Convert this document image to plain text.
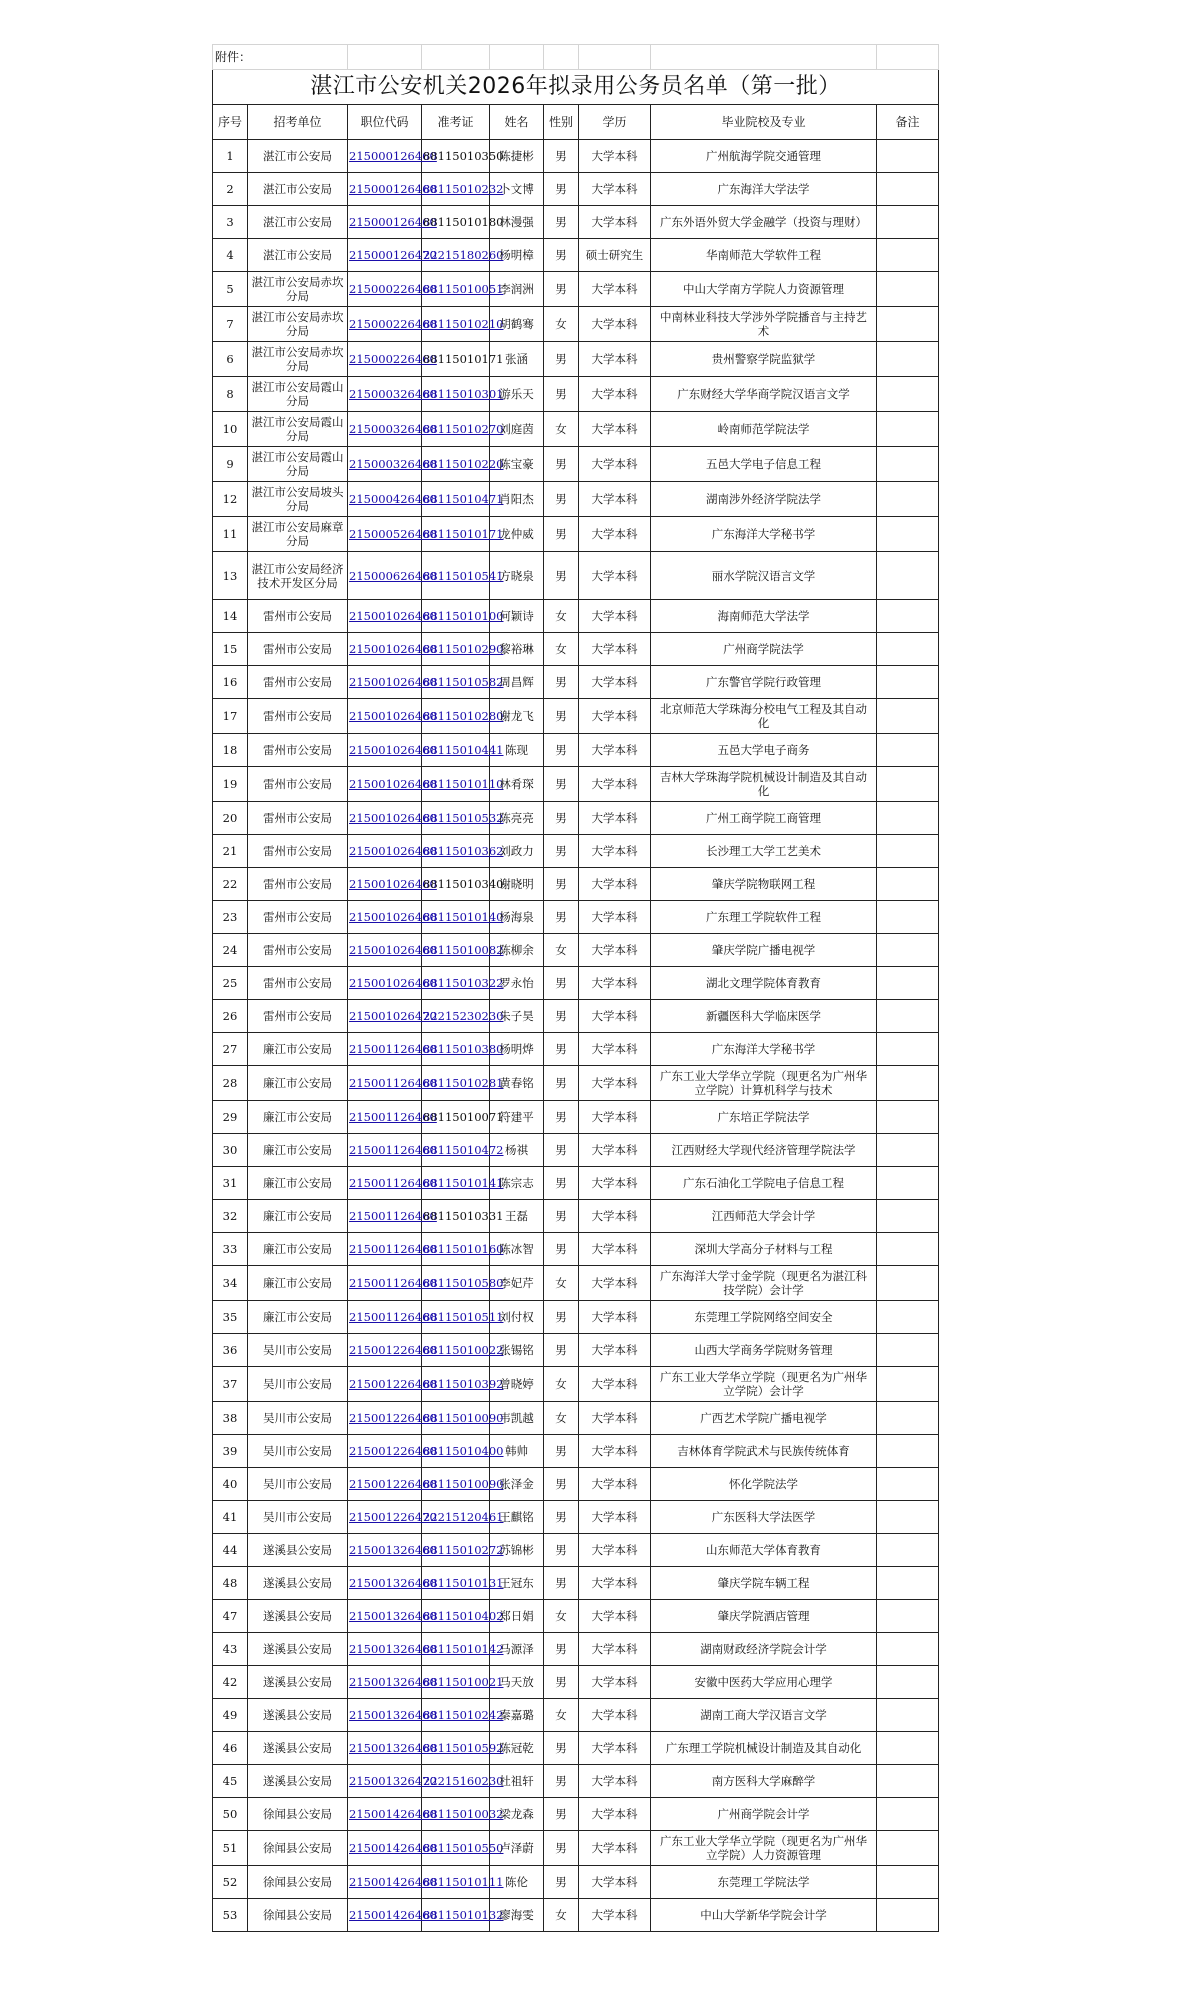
附件：								
湛江市公安机关2026年拟录用公务员名单（第一批）								
序号	招考单位	职位代码	准考证	姓名	性别	学历	毕业院校及专业	备注
1	湛江市公安局	215000126460	88115010350	陈捷彬	男	大学本科	广州航海学院交通管理	
2	湛江市公安局	215000126460	88115010232	卜文博	男	大学本科	广东海洋大学法学	
3	湛江市公安局	215000126460	88115010180	林漫强	男	大学本科	广东外语外贸大学金融学（投资与理财）	
4	湛江市公安局	215000126470	22215180260	杨明樟	男	硕士研究生	华南师范大学软件工程	
5	湛江市公安局赤坎分局	215000226460	88115010051	李润洲	男	大学本科	中山大学南方学院人力资源管理	
7	湛江市公安局赤坎分局	215000226460	88115010210	胡鹤骞	女	大学本科	中南林业科技大学涉外学院播音与主持艺术	
6	湛江市公安局赤坎分局	215000226460	88115010171	张涵	男	大学本科	贵州警察学院监狱学	
8	湛江市公安局霞山分局	215000326460	88115010301	游乐天	男	大学本科	广东财经大学华商学院汉语言文学	
10	湛江市公安局霞山分局	215000326460	88115010270	刘庭茵	女	大学本科	岭南师范学院法学	
9	湛江市公安局霞山分局	215000326460	88115010220	陈宝豪	男	大学本科	五邑大学电子信息工程	
12	湛江市公安局坡头分局	215000426460	88115010471	肖阳杰	男	大学本科	湖南涉外经济学院法学	
11	湛江市公安局麻章分局	215000526460	88115010171	龙仲威	男	大学本科	广东海洋大学秘书学	
13	湛江市公安局经济技术开发区分局	215000626460	88115010541	方晓泉	男	大学本科	丽水学院汉语言文学	
14	雷州市公安局	215001026460	88115010100	何颖诗	女	大学本科	海南师范大学法学	
15	雷州市公安局	215001026460	88115010290	黎裕琳	女	大学本科	广州商学院法学	
16	雷州市公安局	215001026460	88115010582	周昌辉	男	大学本科	广东警官学院行政管理	
17	雷州市公安局	215001026460	88115010280	谢龙飞	男	大学本科	北京师范大学珠海分校电气工程及其自动化	
18	雷州市公安局	215001026460	88115010441	陈现	男	大学本科	五邑大学电子商务	
19	雷州市公安局	215001026460	88115010110	林肴琛	男	大学本科	吉林大学珠海学院机械设计制造及其自动化	
20	雷州市公安局	215001026460	88115010532	陈亮亮	男	大学本科	广州工商学院工商管理	
21	雷州市公安局	215001026460	88115010362	刘政力	男	大学本科	长沙理工大学工艺美术	
22	雷州市公安局	215001026460	88115010340	谢晓明	男	大学本科	肇庆学院物联网工程	
23	雷州市公安局	215001026460	88115010140	杨海泉	男	大学本科	广东理工学院软件工程	
24	雷州市公安局	215001026460	88115010082	陈柳余	女	大学本科	肇庆学院广播电视学	
25	雷州市公安局	215001026460	88115010322	罗永怡	男	大学本科	湖北文理学院体育教育	
26	雷州市公安局	215001026470	22215230230	朱子昊	男	大学本科	新疆医科大学临床医学	
27	廉江市公安局	215001126460	88115010380	杨明烨	男	大学本科	广东海洋大学秘书学	
28	廉江市公安局	215001126460	88115010281	黄春铭	男	大学本科	广东工业大学华立学院（现更名为广州华立学院）计算机科学与技术	
29	廉江市公安局	215001126460	88115010071	符建平	男	大学本科	广东培正学院法学	
30	廉江市公安局	215001126460	88115010472	杨祺	男	大学本科	江西财经大学现代经济管理学院法学	
31	廉江市公安局	215001126460	88115010141	陈宗志	男	大学本科	广东石油化工学院电子信息工程	
32	廉江市公安局	215001126460	88115010331	王磊	男	大学本科	江西师范大学会计学	
33	廉江市公安局	215001126460	88115010160	陈冰智	男	大学本科	深圳大学高分子材料与工程	
34	廉江市公安局	215001126460	88115010580	李妃芹	女	大学本科	广东海洋大学寸金学院（现更名为湛江科技学院）会计学	
35	廉江市公安局	215001126460	88115010511	刘付权	男	大学本科	东莞理工学院网络空间安全	
36	吴川市公安局	215001226460	88115010022	张锡铭	男	大学本科	山西大学商务学院财务管理	
37	吴川市公安局	215001226460	88115010392	曾晓婷	女	大学本科	广东工业大学华立学院（现更名为广州华立学院）会计学	
38	吴川市公安局	215001226460	88115010090	韦凯越	女	大学本科	广西艺术学院广播电视学	
39	吴川市公安局	215001226460	88115010400	韩帅	男	大学本科	吉林体育学院武术与民族传统体育	
40	吴川市公安局	215001226460	88115010090	张泽金	男	大学本科	怀化学院法学	
41	吴川市公安局	215001226470	22215120461	王麒铭	男	大学本科	广东医科大学法医学	
44	遂溪县公安局	215001326460	88115010272	苏锦彬	男	大学本科	山东师范大学体育教育	
48	遂溪县公安局	215001326460	88115010131	王冠东	男	大学本科	肇庆学院车辆工程	
47	遂溪县公安局	215001326460	88115010402	郑日娟	女	大学本科	肇庆学院酒店管理	
43	遂溪县公安局	215001326460	88115010142	马源泽	男	大学本科	湖南财政经济学院会计学	
42	遂溪县公安局	215001326460	88115010021	马天放	男	大学本科	安徽中医药大学应用心理学	
49	遂溪县公安局	215001326460	88115010242	秦嘉璐	女	大学本科	湖南工商大学汉语言文学	
46	遂溪县公安局	215001326460	88115010592	陈冠乾	男	大学本科	广东理工学院机械设计制造及其自动化	
45	遂溪县公安局	215001326470	22215160230	杜祖轩	男	大学本科	南方医科大学麻醉学	
50	徐闻县公安局	215001426460	88115010032	梁龙森	男	大学本科	广州商学院会计学	
51	徐闻县公安局	215001426460	88115010550	卢泽蔚	男	大学本科	广东工业大学华立学院（现更名为广州华立学院）人力资源管理	
52	徐闻县公安局	215001426460	88115010111	陈伦	男	大学本科	东莞理工学院法学	
53	徐闻县公安局	215001426460	88115010132	廖海雯	女	大学本科	中山大学新华学院会计学	
